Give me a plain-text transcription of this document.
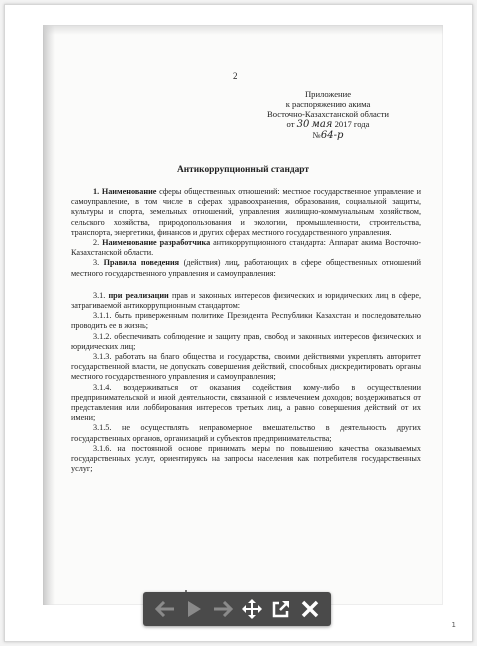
2
Приложение
к распоряжению акима
Восточно-Казахстанской области
от 30 мая 2017 года
№64-р
Антикоррупционный стандарт

1. Наименование сферы общественных отношений: местное государственное управление и самоуправление, в том числе в сферах здравоохранения, образования, социальной защиты, культуры и спорта, земельных отношений, управления жилищно-коммунальным хозяйством, сельского хозяйства, природопользования и экологии, промышленности, строительства, транспорта, энергетики, финансов и других сферах местного государственного управления.

2. Наименование разработчика антикоррупционного стандарта: Аппарат акима Восточно-Казахстанской области.

3. Правила поведения (действия) лиц, работающих в сфере общественных отношений местного государственного управления и самоуправления:

3.1. при реализации прав и законных интересов физических и юридических лиц в сфере, затрагиваемой антикоррупционным стандартом:

3.1.1. быть приверженным политике Президента Республики Казахстан и последовательно проводить ее в жизнь;

3.1.2. обеспечивать соблюдение и защиту прав, свобод и законных интересов физических и юридических лиц;

3.1.3. работать на благо общества и государства, своими действиями укреплять авторитет государственной власти, не допускать совершения действий, способных дискредитировать органы местного государственного управления и самоуправления;

3.1.4. воздерживаться от оказания содействия кому-либо в осуществлении предпринимательской и иной деятельности, связанной с извлечением доходов; воздерживаться от представления или лоббирования интересов третьих лиц, а равно совершения действий от их имени;

3.1.5. не осуществлять неправомерное вмешательство в деятельность других государственных органов, организаций и субъектов предпринимательства;

3.1.6. на постоянной основе принимать меры по повышению качества оказываемых государственных услуг, ориентируясь на запросы населения как потребителя государственных услуг;

1
